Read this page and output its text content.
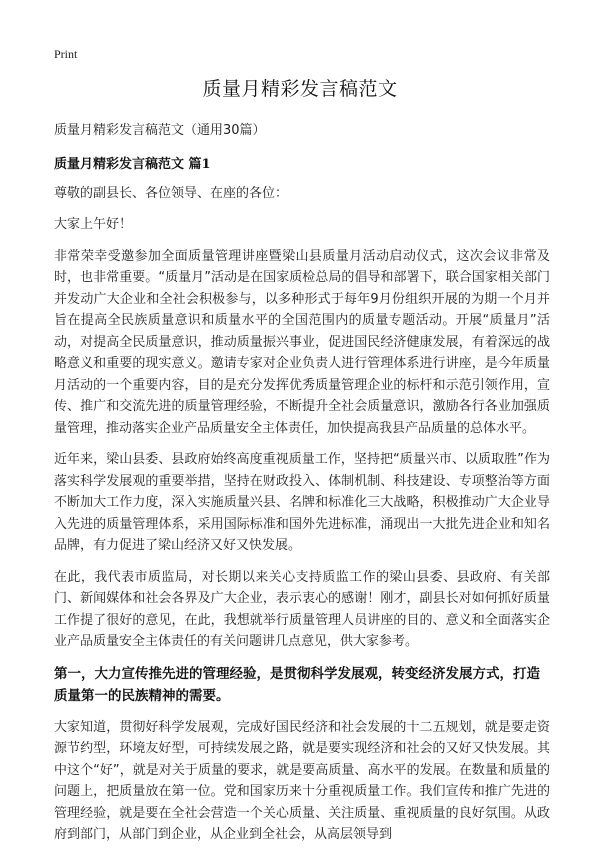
Print
质量月精彩发言稿范文

质量月精彩发言稿范文（通用30篇）

质量月精彩发言稿范文 篇1

尊敬的副县长、各位领导、在座的各位：

大家上午好！

非常荣幸受邀参加全面质量管理讲座暨梁山县质量月活动启动仪式，这次会议非常及时，也非常重要。“质量月”活动是在国家质检总局的倡导和部署下，联合国家相关部门并发动广大企业和全社会积极参与，以多种形式于每年9月份组织开展的为期一个月并旨在提高全民族质量意识和质量水平的全国范围内的质量专题活动。开展“质量月”活动，对提高全民质量意识，推动质量振兴事业，促进国民经济健康发展，有着深远的战略意义和重要的现实意义。邀请专家对企业负责人进行管理体系进行讲座，是今年质量月活动的一个重要内容，目的是充分发挥优秀质量管理企业的标杆和示范引领作用，宣传、推广和交流先进的质量管理经验，不断提升全社会质量意识，激励各行各业加强质量管理，推动落实企业产品质量安全主体责任，加快提高我县产品质量的总体水平。

近年来，梁山县委、县政府始终高度重视质量工作，坚持把“质量兴市、以质取胜”作为落实科学发展观的重要举措，坚持在财政投入、体制机制、科技建设、专项整治等方面不断加大工作力度，深入实施质量兴县、名牌和标准化三大战略，积极推动广大企业导入先进的质量管理体系，采用国际标准和国外先进标准，涌现出一大批先进企业和知名品牌，有力促进了梁山经济又好又快发展。

在此，我代表市质监局，对长期以来关心支持质监工作的梁山县委、县政府、有关部门、新闻媒体和社会各界及广大企业，表示衷心的感谢！刚才，副县长对如何抓好质量工作提了很好的意见，在此，我想就举行质量管理人员讲座的目的、意义和全面落实企业产品质量安全主体责任的有关问题讲几点意见，供大家参考。

第一，大力宣传推先进的管理经验，是贯彻科学发展观，转变经济发展方式，打造质量第一的民族精神的需要。

大家知道，贯彻好科学发展观，完成好国民经济和社会发展的十二五规划，就是要走资源节约型，环境友好型，可持续发展之路，就是要实现经济和社会的又好又快发展。其中这个“好”，就是对关于质量的要求，就是要高质量、高水平的发展。在数量和质量的问题上，把质量放在第一位。党和国家历来十分重视质量工作。我们宣传和推广先进的管理经验，就是要在全社会营造一个关心质量、关注质量、重视质量的良好氛围。从政府到部门，从部门到企业，从企业到全社会，从高层领导到
